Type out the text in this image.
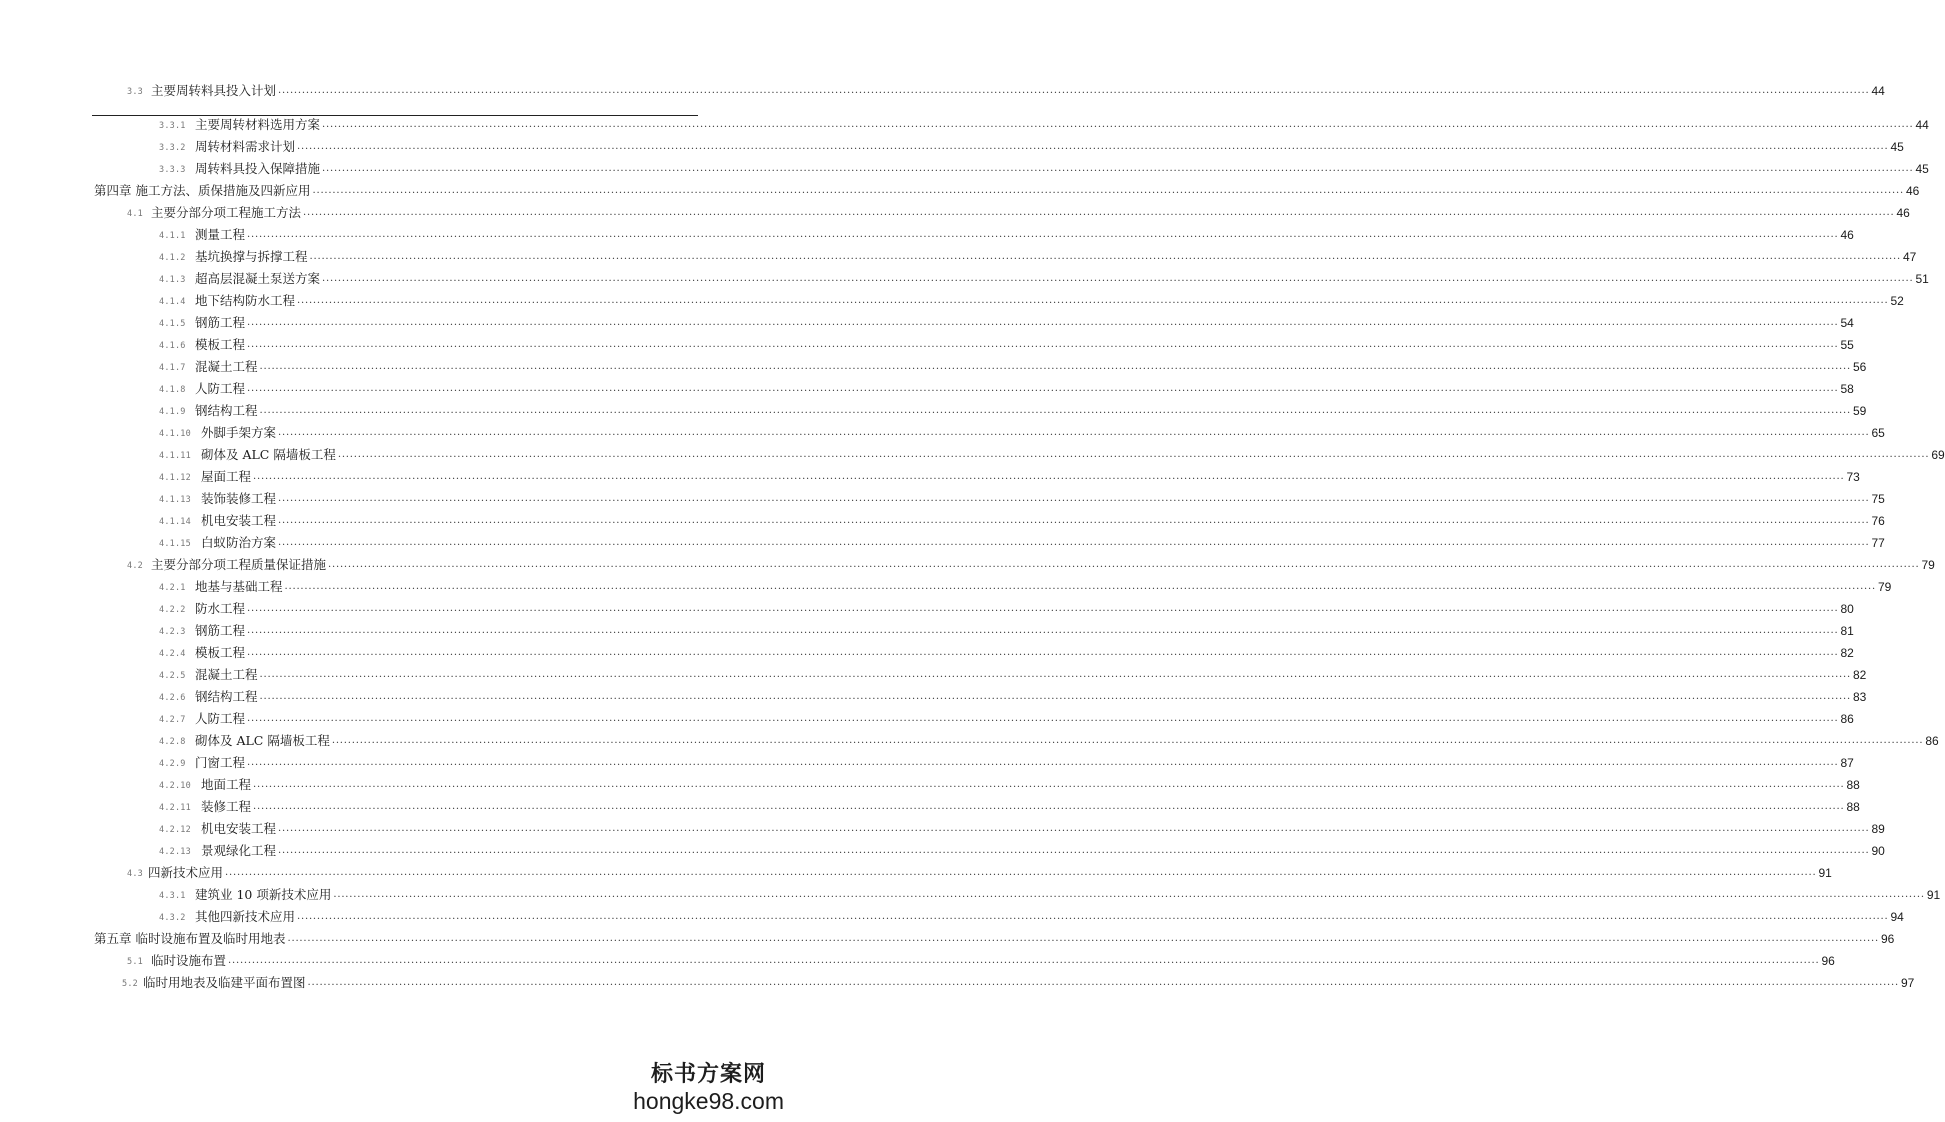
3.3 主要周转料具投入计划 ................................................................................................................................................................................................................................................................................................................................................................................................................ 44
3.3.1 主要周转材料选用方案 ................................................................................................................................................................................................................................................................................................................................................................................................................ 44
3.3.2 周转材料需求计划 ................................................................................................................................................................................................................................................................................................................................................................................................................ 45
3.3.3 周转料具投入保障措施 ................................................................................................................................................................................................................................................................................................................................................................................................................ 45
第四章 施工方法、质保措施及四新应用 ................................................................................................................................................................................................................................................................................................................................................................................................................ 46
4.1 主要分部分项工程施工方法 ................................................................................................................................................................................................................................................................................................................................................................................................................ 46
4.1.1 测量工程 ................................................................................................................................................................................................................................................................................................................................................................................................................ 46
4.1.2 基坑换撑与拆撑工程 ................................................................................................................................................................................................................................................................................................................................................................................................................ 47
4.1.3 超高层混凝土泵送方案 ................................................................................................................................................................................................................................................................................................................................................................................................................ 51
4.1.4 地下结构防水工程 ................................................................................................................................................................................................................................................................................................................................................................................................................ 52
4.1.5 钢筋工程 ................................................................................................................................................................................................................................................................................................................................................................................................................ 54
4.1.6 模板工程 ................................................................................................................................................................................................................................................................................................................................................................................................................ 55
4.1.7 混凝土工程 ................................................................................................................................................................................................................................................................................................................................................................................................................ 56
4.1.8 人防工程 ................................................................................................................................................................................................................................................................................................................................................................................................................ 58
4.1.9 钢结构工程 ................................................................................................................................................................................................................................................................................................................................................................................................................ 59
4.1.10 外脚手架方案 ................................................................................................................................................................................................................................................................................................................................................................................................................ 65
4.1.11 砌体及 ALC 隔墙板工程 ................................................................................................................................................................................................................................................................................................................................................................................................................ 69
4.1.12 屋面工程 ................................................................................................................................................................................................................................................................................................................................................................................................................ 73
4.1.13 装饰装修工程 ................................................................................................................................................................................................................................................................................................................................................................................................................ 75
4.1.14 机电安装工程 ................................................................................................................................................................................................................................................................................................................................................................................................................ 76
4.1.15 白蚁防治方案 ................................................................................................................................................................................................................................................................................................................................................................................................................ 77
4.2 主要分部分项工程质量保证措施 ................................................................................................................................................................................................................................................................................................................................................................................................................ 79
4.2.1 地基与基础工程 ................................................................................................................................................................................................................................................................................................................................................................................................................ 79
4.2.2 防水工程 ................................................................................................................................................................................................................................................................................................................................................................................................................ 80
4.2.3 钢筋工程 ................................................................................................................................................................................................................................................................................................................................................................................................................ 81
4.2.4 模板工程 ................................................................................................................................................................................................................................................................................................................................................................................................................ 82
4.2.5 混凝土工程 ................................................................................................................................................................................................................................................................................................................................................................................................................ 82
4.2.6 钢结构工程 ................................................................................................................................................................................................................................................................................................................................................................................................................ 83
4.2.7 人防工程 ................................................................................................................................................................................................................................................................................................................................................................................................................ 86
4.2.8 砌体及 ALC 隔墙板工程 ................................................................................................................................................................................................................................................................................................................................................................................................................ 86
4.2.9 门窗工程 ................................................................................................................................................................................................................................................................................................................................................................................................................ 87
4.2.10 地面工程 ................................................................................................................................................................................................................................................................................................................................................................................................................ 88
4.2.11 装修工程 ................................................................................................................................................................................................................................................................................................................................................................................................................ 88
4.2.12 机电安装工程 ................................................................................................................................................................................................................................................................................................................................................................................................................ 89
4.2.13 景观绿化工程 ................................................................................................................................................................................................................................................................................................................................................................................................................ 90
4.3 四新技术应用 ................................................................................................................................................................................................................................................................................................................................................................................................................ 91
4.3.1 建筑业 10 项新技术应用 ................................................................................................................................................................................................................................................................................................................................................................................................................ 91
4.3.2 其他四新技术应用 ................................................................................................................................................................................................................................................................................................................................................................................................................ 94
第五章 临时设施布置及临时用地表 ................................................................................................................................................................................................................................................................................................................................................................................................................ 96
5.1 临时设施布置 ................................................................................................................................................................................................................................................................................................................................................................................................................ 96
5.2 临时用地表及临建平面布置图 ................................................................................................................................................................................................................................................................................................................................................................................................................ 97
标书方案网
hongke98.com
